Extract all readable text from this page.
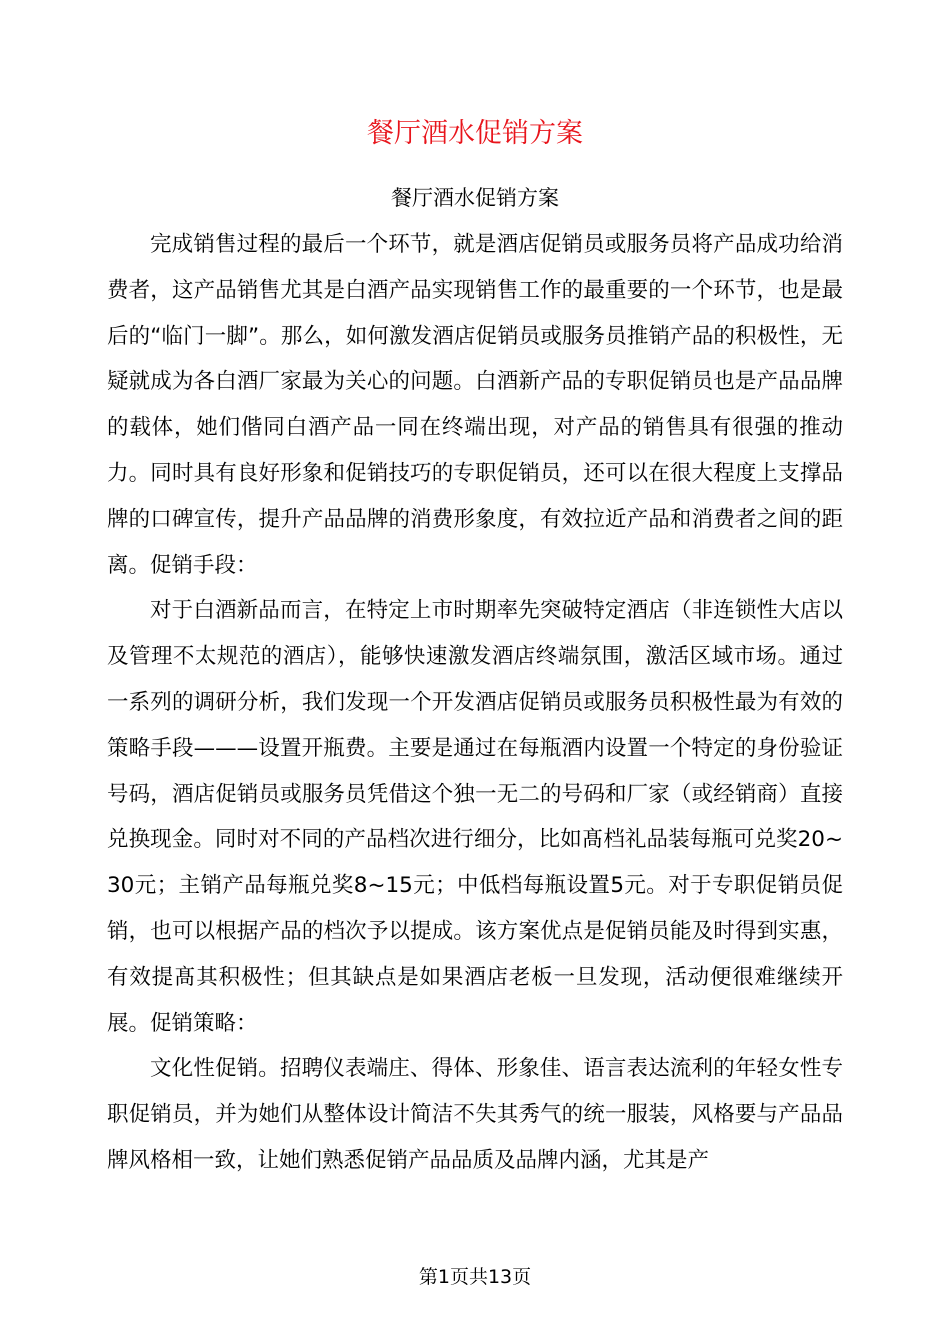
餐厅酒水促销方案
餐厅酒水促销方案

完成销售过程的最后一个环节，就是酒店促销员或服务员将产品成功给消费者，这产品销售尤其是白酒产品实现销售工作的最重要的一个环节，也是最后的“临门一脚”。那么，如何激发酒店促销员或服务员推销产品的积极性，无疑就成为各白酒厂家最为关心的问题。白酒新产品的专职促销员也是产品品牌的载体，她们偕同白酒产品一同在终端出现，对产品的销售具有很强的推动力。同时具有良好形象和促销技巧的专职促销员，还可以在很大程度上支撑品牌的口碑宣传，提升产品品牌的消费形象度，有效拉近产品和消费者之间的距离。促销手段：

对于白酒新品而言，在特定上市时期率先突破特定酒店（非连锁性大店以及管理不太规范的酒店），能够快速激发酒店终端氛围，激活区域市场。通过一系列的调研分析，我们发现一个开发酒店促销员或服务员积极性最为有效的策略手段———设置开瓶费。主要是通过在每瓶酒内设置一个特定的身份验证号码，酒店促销员或服务员凭借这个独一无二的号码和厂家（或经销商）直接兑换现金。同时对不同的产品档次进行细分，比如髙档礼品装每瓶可兑奖20~30元；主销产品每瓶兑奖8~15元；中低档每瓶设置5元。对于专职促销员促销，也可以根据产品的档次予以提成。该方案优点是促销员能及时得到实惠，有效提髙其积极性；但其缺点是如果酒店老板一旦发现，活动便很难继续开展。促销策略：

文化性促销。招聘仪表端庄、得体、形象佳、语言表达流利的年轻女性专职促销员，并为她们从整体设计简洁不失其秀气的统一服装，风格要与产品品牌风格相一致，让她们熟悉促销产品品质及品牌内涵，尤其是产

第1页共13页
